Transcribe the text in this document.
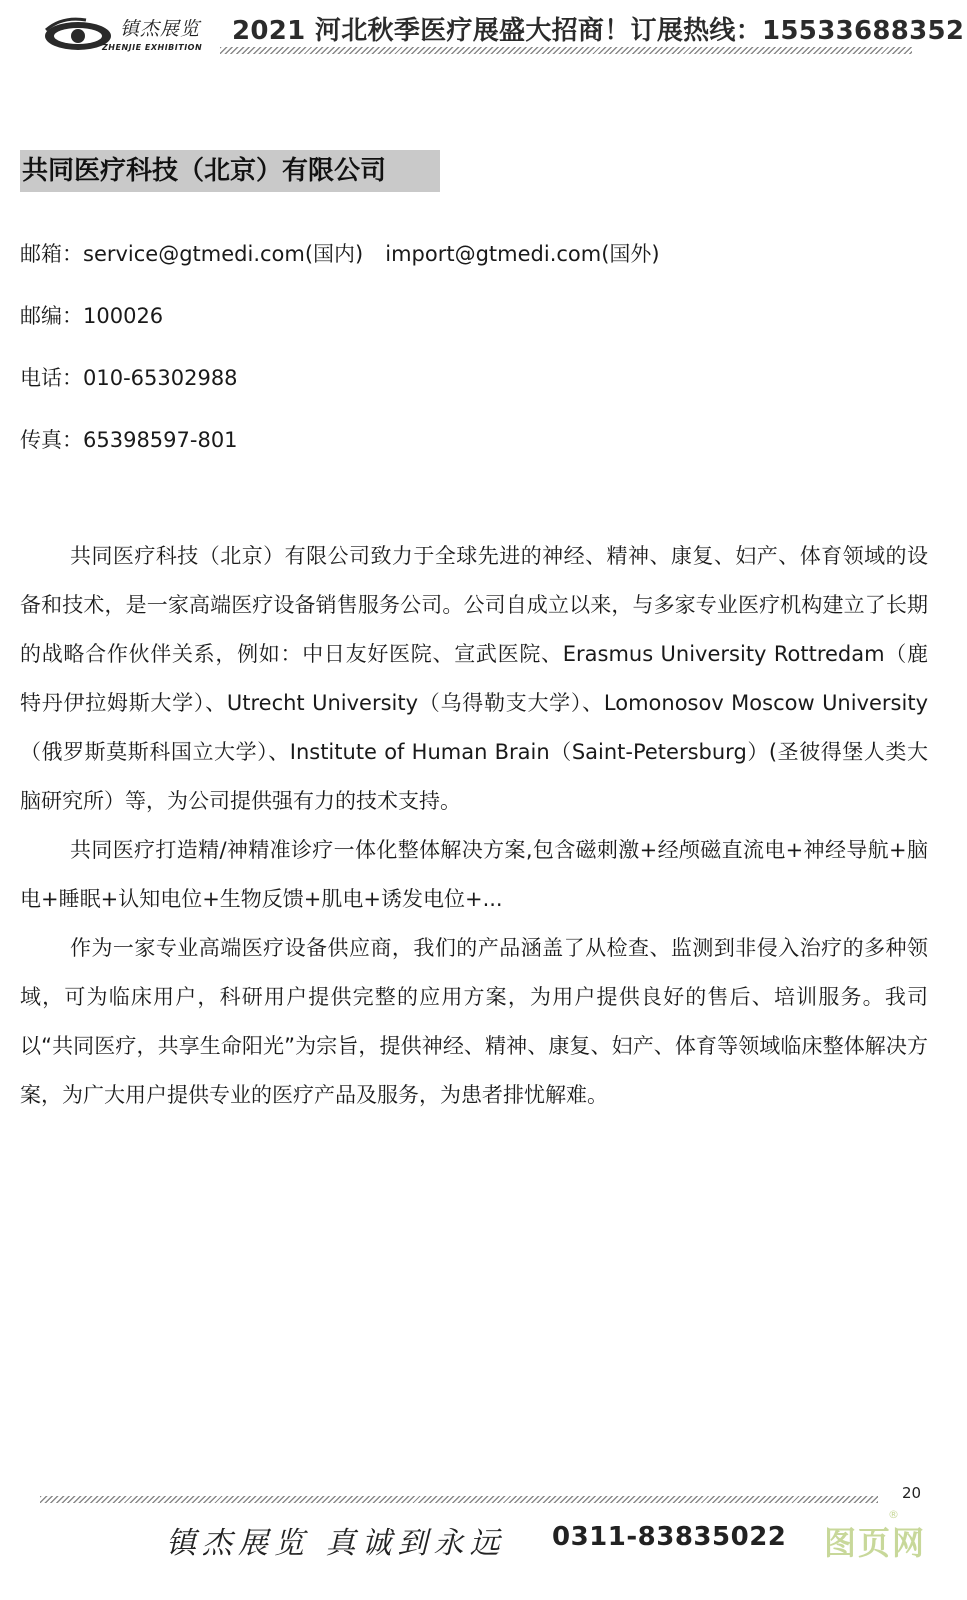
镇杰展览
ZHENJIE EXHIBITION
2021 河北秋季医疗展盛大招商！订展热线：15533688352
共同医疗科技（北京）有限公司
邮箱：service@gtmedi.com(国内) import@gtmedi.com(国外)
邮编：100026
电话：010-65302988
传真：65398597-801

共同医疗科技（北京）有限公司致力于全球先进的神经、精神、康复、妇产、体育领域的设备和技术，是一家高端医疗设备销售服务公司。公司自成立以来，与多家专业医疗机构建立了长期的战略合作伙伴关系，例如：中日友好医院、宣武医院、Erasmus University Rottredam（鹿特丹伊拉姆斯大学）、Utrecht University（乌得勒支大学）、Lomonosov Moscow University（俄罗斯莫斯科国立大学）、Institute of Human Brain（Saint-Petersburg）(圣彼得堡人类大脑研究所）等，为公司提供强有力的技术支持。

共同医疗打造精/神精准诊疗一体化整体解决方案,包含磁刺激+经颅磁直流电+神经导航+脑电+睡眠+认知电位+生物反馈+肌电+诱发电位+...

作为一家专业高端医疗设备供应商，我们的产品涵盖了从检查、监测到非侵入治疗的多种领域，可为临床用户，科研用户提供完整的应用方案，为用户提供良好的售后、培训服务。我司以“共同医疗，共享生命阳光”为宗旨，提供神经、精神、康复、妇产、体育等领域临床整体解决方案，为广大用户提供专业的医疗产品及服务，为患者排忧解难。

20
镇杰展览 真诚到永远 0311-83835022 图页网
®
